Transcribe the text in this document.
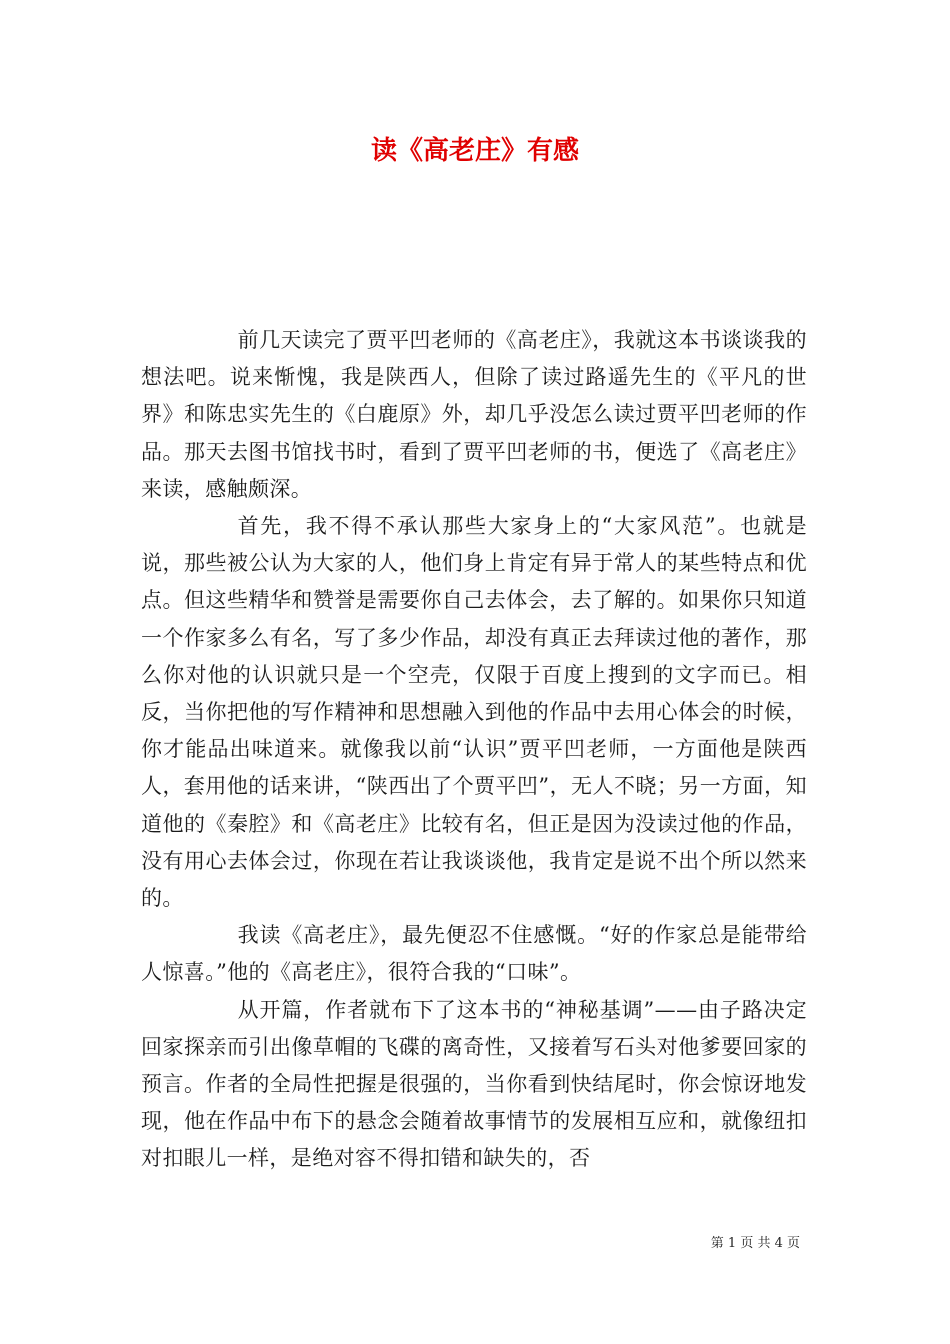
读《高老庄》有感

前几天读完了贾平凹老师的《高老庄》，我就这本书谈谈我的想法吧。说来惭愧，我是陕西人，但除了读过路遥先生的《平凡的世界》和陈忠实先生的《白鹿原》外，却几乎没怎么读过贾平凹老师的作品。那天去图书馆找书时，看到了贾平凹老师的书，便选了《高老庄》来读，感触颇深。

首先，我不得不承认那些大家身上的“大家风范”。也就是说，那些被公认为大家的人，他们身上肯定有异于常人的某些特点和优点。但这些精华和赞誉是需要你自己去体会，去了解的。如果你只知道一个作家多么有名，写了多少作品，却没有真正去拜读过他的著作，那么你对他的认识就只是一个空壳，仅限于百度上搜到的文字而已。相反，当你把他的写作精神和思想融入到他的作品中去用心体会的时候，你才能品出味道来。就像我以前“认识”贾平凹老师，一方面他是陕西人，套用他的话来讲，“陕西出了个贾平凹”，无人不晓；另一方面，知道他的《秦腔》和《高老庄》比较有名，但正是因为没读过他的作品，没有用心去体会过，你现在若让我谈谈他，我肯定是说不出个所以然来的。

我读《高老庄》，最先便忍不住感慨。“好的作家总是能带给人惊喜。”他的《高老庄》，很符合我的“口味”。

从开篇，作者就布下了这本书的“神秘基调”——由子路决定回家探亲而引出像草帽的飞碟的离奇性，又接着写石头对他爹要回家的预言。作者的全局性把握是很强的，当你看到快结尾时，你会惊讶地发现，他在作品中布下的悬念会随着故事情节的发展相互应和，就像纽扣对扣眼儿一样，是绝对容不得扣错和缺失的，否

第 1 页 共 4 页
